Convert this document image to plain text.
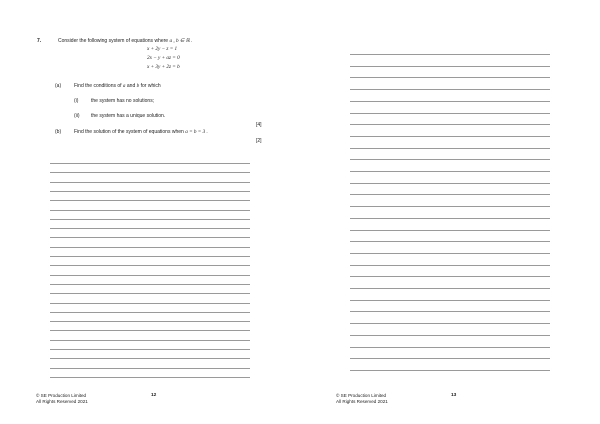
7.	Consider the following system of equations where a , b ∈ ℝ .
x + 2y − z = 1
2x − y + az = 0
x + 3y + 2z = b
(a)	Find the conditions of a and b for which
(i)	the system has no solutions;
(ii) the system has a unique solution.
[4]
(b)	Find the solution of the system of equations when a = b = 3 .
[2]
© SE Production Limited
All Rights Reserved 2021
12	© SE Production Limited
All Rights Reserved 2021
13
